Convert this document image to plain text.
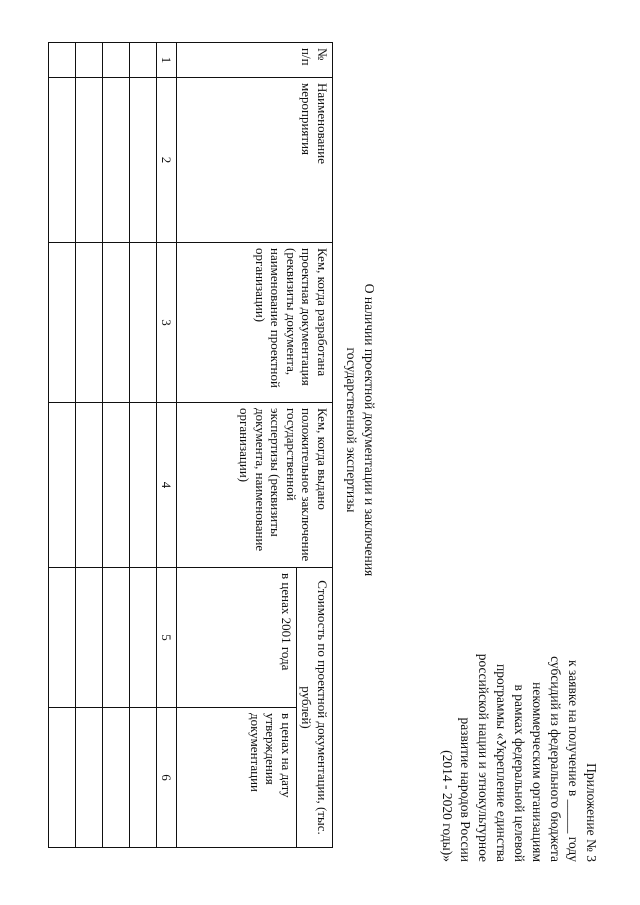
Приложение № 3
к заявке на получение в _____ году
субсидий из федерального бюджета
некоммерческим организациям
в рамках федеральной целевой
программы «Укрепление единства
российской нации и этнокультурное
развитие народов России
(2014 - 2020 годы)»
О наличии проектной документации и заключения
государственной экспертизы
№ п/п	Наименование мероприятия	Кем, когда разработана проектная документация (реквизиты документа, наименование проектной организации)	Кем, когда выдано положительное заключение государственной экспертизы (реквизиты документа, наименование организации)	Стоимость по проектной документации, (тыс. рублей)	
				в ценах 2001 года	в ценах на дату утверждения документации
1	2	3	4	5	6
